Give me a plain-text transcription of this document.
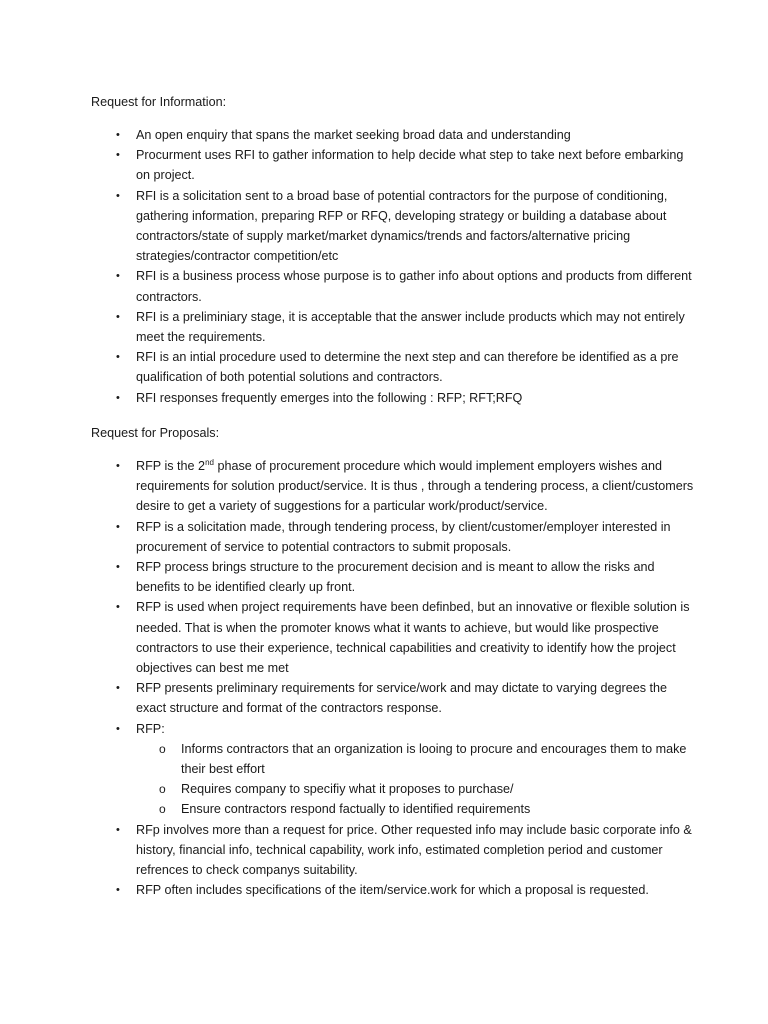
Request for Information:
• An open enquiry that spans the market seeking broad data and understanding
• Procurment uses RFI to gather information to help decide what step to take next before embarking on project.
• RFI is a solicitation sent to a broad base of potential contractors for the purpose of conditioning, gathering information, preparing RFP or RFQ, developing strategy or building a database about contractors/state of supply market/market dynamics/trends and factors/alternative pricing strategies/contractor competition/etc
• RFI is a business process whose purpose is to gather info about options and products from different contractors.
• RFI is a preliminiary stage, it is acceptable that the answer include products which may not entirely meet the requirements.
• RFI is an intial procedure used to determine the next step and can therefore be identified as a pre qualification of both potential solutions and contractors.
• RFI responses frequently emerges into the following : RFP; RFT;RFQ
Request for Proposals:
• RFP is the 2nd phase of procurement procedure which would implement employers wishes and requirements for solution product/service. It is thus , through a tendering process, a client/customers desire to get a variety of suggestions for a particular work/product/service.
• RFP is a solicitation made, through tendering process, by client/customer/employer interested in procurement of service to potential contractors to submit proposals.
• RFP process brings structure to the procurement decision and is meant to allow the risks and benefits to be identified clearly up front.
• RFP is used when project requirements have been definbed, but an innovative or flexible solution is needed. That is when the promoter knows what it wants to achieve, but would like prospective contractors to use their experience, technical capabilities and creativity to identify how the project objectives can best me met
• RFP presents preliminary requirements for service/work and may dictate to varying degrees the exact structure and format of the contractors response.
• RFP:
o Informs contractors that an organization is looing to procure and encourages them to make their best effort
o Requires company to specifiy what it proposes to purchase/
o Ensure contractors respond factually to identified requirements
• RFp involves more than a request for price. Other requested info may include basic corporate info & history, financial info, technical capability, work info, estimated completion period and customer refrences to check companys suitability.
• RFP often includes specifications of the item/service.work for which a proposal is requested.
